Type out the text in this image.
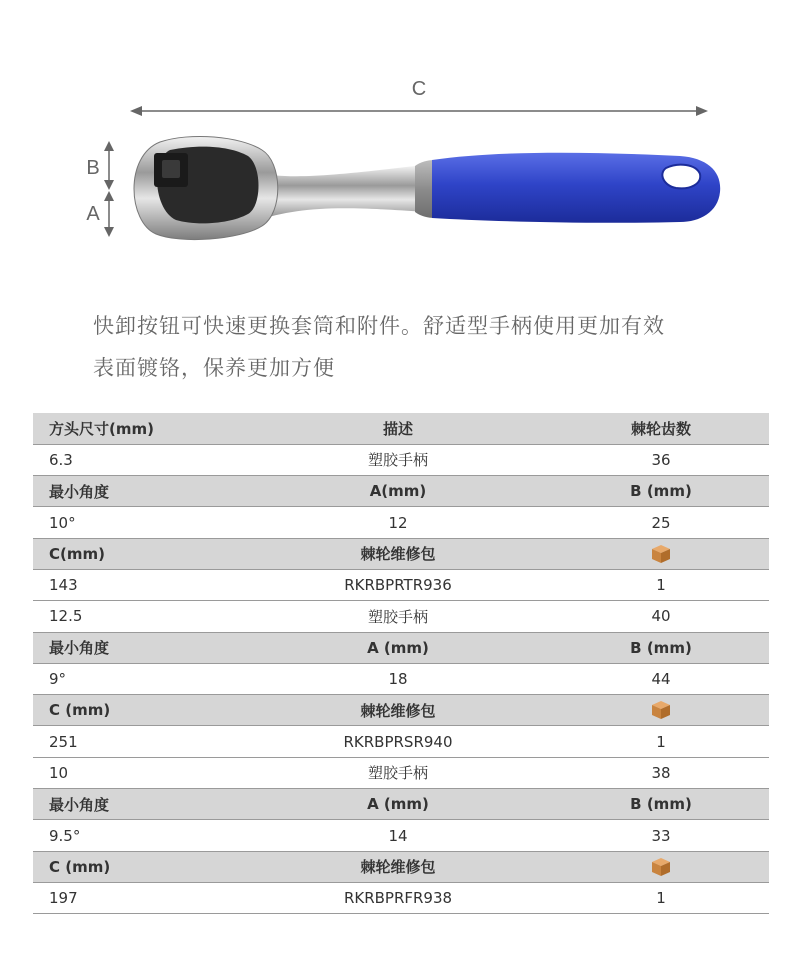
C
B
A
快卸按钮可快速更换套筒和附件。舒适型手柄使用更加有效
表面镀铬，保养更加方便
方头尺寸(mm)	描述	棘轮齿数
6.3	塑胶手柄	36
最小角度	A(mm)	B (mm)
10°	12	25
C(mm)	棘轮维修包	
143	RKRBPRTR936	1
12.5	塑胶手柄	40
最小角度	A (mm)	B (mm)
9°	18	44
C (mm)	棘轮维修包	
251	RKRBPRSR940	1
10	塑胶手柄	38
最小角度	A (mm)	B (mm)
9.5°	14	33
C (mm)	棘轮维修包	
197	RKRBPRFR938	1
